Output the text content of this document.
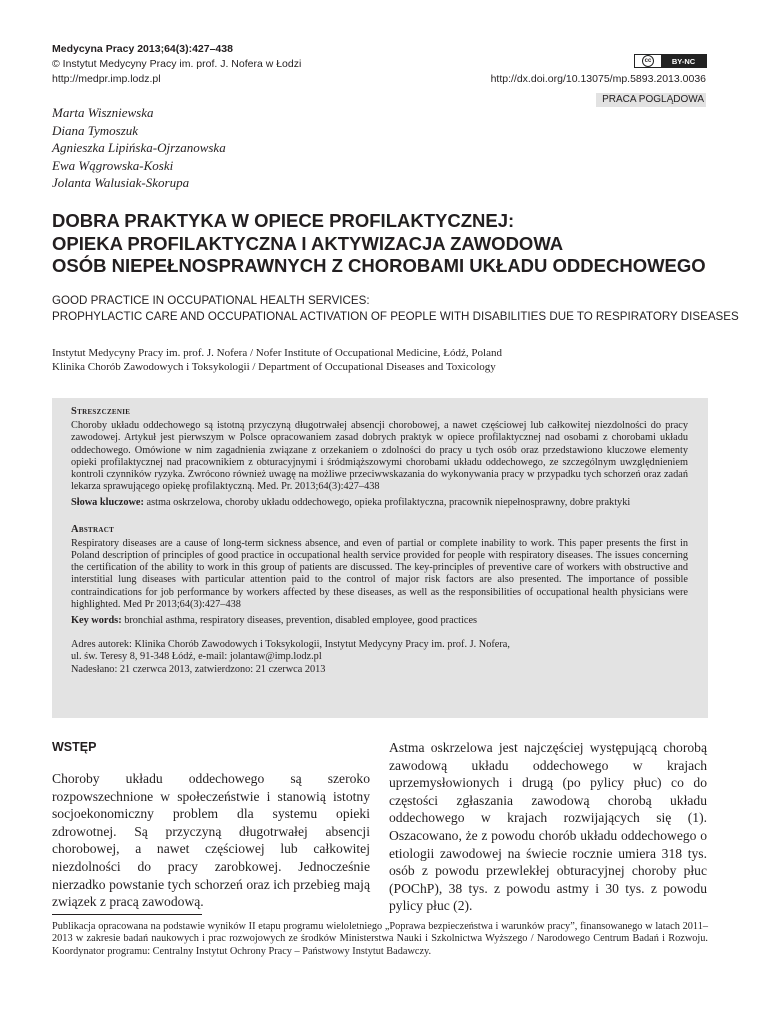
Medycyna Pracy 2013;64(3):427–438
© Instytut Medycyny Pracy im. prof. J. Nofera w Łodzi
http://medpr.imp.lodz.pl
cc	BY-NC
http://dx.doi.org/10.13075/mp.5893.2013.0036
PRACA POGLĄDOWA
Marta Wiszniewska
Diana Tymoszuk
Agnieszka Lipińska-Ojrzanowska
Ewa Wągrowska-Koski
Jolanta Walusiak-Skorupa
DOBRA PRAKTYKA W OPIECE PROFILAKTYCZNEJ:
OPIEKA PROFILAKTYCZNA I AKTYWIZACJA ZAWODOWA
OSÓB NIEPEŁNOSPRAWNYCH Z CHOROBAMI UKŁADU ODDECHOWEGO
GOOD PRACTICE IN OCCUPATIONAL HEALTH SERVICES:
PROPHYLACTIC CARE AND OCCUPATIONAL ACTIVATION OF PEOPLE WITH DISABILITIES DUE TO RESPIRATORY DISEASES
Instytut Medycyny Pracy im. prof. J. Nofera / Nofer Institute of Occupational Medicine, Łódź, Poland
Klinika Chorób Zawodowych i Toksykologii / Department of Occupational Diseases and Toxicology
Streszczenie

Choroby układu oddechowego są istotną przyczyną długotrwałej absencji chorobowej, a nawet częściowej lub całkowitej niezdolności do pracy zawodowej. Artykuł jest pierwszym w Polsce opracowaniem zasad dobrych praktyk w opiece profilaktycznej nad osobami z chorobami układu oddechowego. Omówione w nim zagadnienia związane z orzekaniem o zdolności do pracy u tych osób oraz przedstawiono kluczowe elementy opieki profilaktycznej nad pracownikiem z obturacyjnymi i śródmiąższowymi chorobami układu oddechowego, ze szczególnym uwzględnieniem kontroli czynników ryzyka. Zwrócono również uwagę na możliwe przeciwwskazania do wykonywania pracy w przypadku tych schorzeń oraz zadań lekarza sprawującego opiekę profilaktyczną. Med. Pr. 2013;64(3):427–438

Słowa kluczowe: astma oskrzelowa, choroby układu oddechowego, opieka profilaktyczna, pracownik niepełnosprawny, dobre praktyki

Abstract

Respiratory diseases are a cause of long-term sickness absence, and even of partial or complete inability to work. This paper presents the first in Poland description of principles of good practice in occupational health service provided for people with respiratory diseases. The issues concerning the certification of the ability to work in this group of patients are discussed. The key-principles of preventive care of workers with obstructive and interstitial lung diseases with particular attention paid to the control of major risk factors are also presented. The importance of possible contraindications for job performance by workers affected by these diseases, as well as the responsibilities of occupational health physicians were highlighted. Med Pr 2013;64(3):427–438

Key words: bronchial asthma, respiratory diseases, prevention, disabled employee, good practices

Adres autorek: Klinika Chorób Zawodowych i Toksykologii, Instytut Medycyny Pracy im. prof. J. Nofera,
ul. św. Teresy 8, 91-348 Łódź, e-mail: jolantaw@imp.lodz.pl
Nadesłano: 21 czerwca 2013, zatwierdzono: 21 czerwca 2013
WSTĘP

Choroby układu oddechowego są szeroko rozpowszechnione w społeczeństwie i stanowią istotny socjoekonomiczny problem dla systemu opieki zdrowotnej. Są przyczyną długotrwałej absencji chorobowej, a nawet częściowej lub całkowitej niezdolności do pracy zarobkowej. Jednocześnie nierzadko powstanie tych schorzeń oraz ich przebieg mają związek z pracą zawodową.

Astma oskrzelowa jest najczęściej występującą chorobą zawodową układu oddechowego w krajach uprzemysłowionych i drugą (po pylicy płuc) co do częstości zgłaszania zawodową chorobą układu oddechowego w krajach rozwijających się (1). Oszacowano, że z powodu chorób układu oddechowego o etiologii zawodowej na świecie rocznie umiera 318 tys. osób z powodu przewlekłej obturacyjnej choroby płuc (POChP), 38 tys. z powodu astmy i 30 tys. z powodu pylicy płuc (2).

Publikacja opracowana na podstawie wyników II etapu programu wieloletniego „Poprawa bezpieczeństwa i warunków pracy”, finansowanego w latach 2011–2013 w zakresie badań naukowych i prac rozwojowych ze środków Ministerstwa Nauki i Szkolnictwa Wyższego / Narodowego Centrum Badań i Rozwoju. Koordynator programu: Centralny Instytut Ochrony Pracy – Państwowy Instytut Badawczy.
